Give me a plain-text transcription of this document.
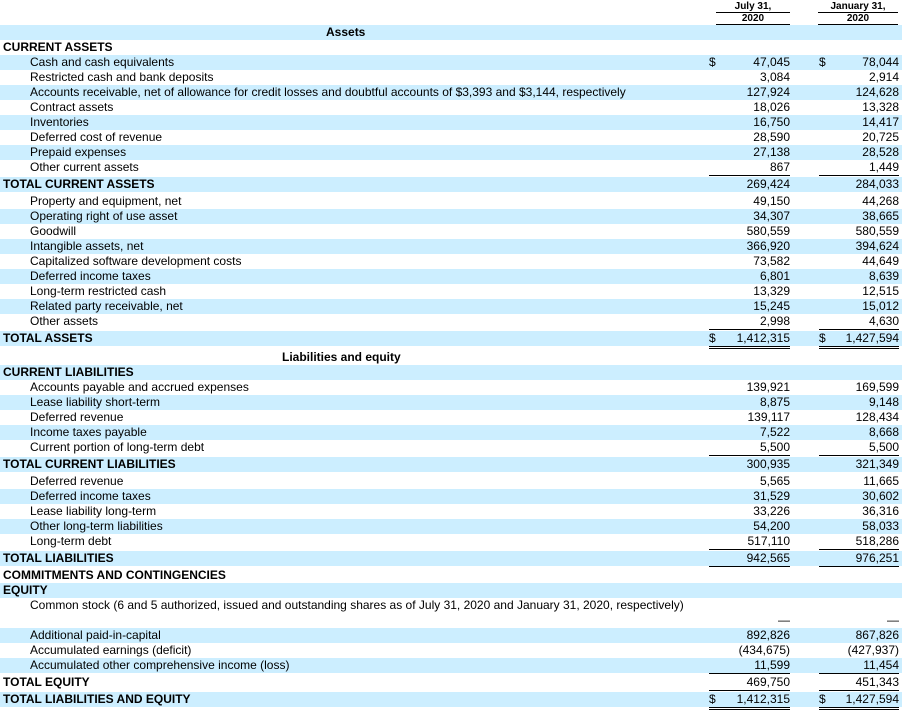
July 31,
2020
January 31,
2020
Assets
CURRENT ASSETS
Cash and cash equivalents	$	47,045 $	78,044
Restricted cash and bank deposits	3,084	2,914
Accounts receivable, net of allowance for credit losses and doubtful accounts of $3,393 and $3,144, respectively	127,924	124,628
Contract assets	18,026	13,328
Inventories	16,750	14,417
Deferred cost of revenue	28,590	20,725
Prepaid expenses	27,138	28,528
Other current assets	867	1,449
TOTAL CURRENT ASSETS	269,424	284,033
Property and equipment, net	49,150	44,268
Operating right of use asset	34,307	38,665
Goodwill	580,559	580,559
Intangible assets, net	366,920	394,624
Capitalized software development costs	73,582	44,649
Deferred income taxes	6,801	8,639
Long-term restricted cash	13,329	12,515
Related party receivable, net	15,245	15,012
Other assets	2,998	4,630
TOTAL ASSETS	$	1,412,315 $	1,427,594
Liabilities and equity
CURRENT LIABILITIES
Accounts payable and accrued expenses	139,921	169,599
Lease liability short-term	8,875	9,148
Deferred revenue	139,117	128,434
Income taxes payable	7,522	8,668
Current portion of long-term debt	5,500	5,500
TOTAL CURRENT LIABILITIES	300,935	321,349
Deferred revenue	5,565	11,665
Deferred income taxes	31,529	30,602
Lease liability long-term	33,226	36,316
Other long-term liabilities	54,200	58,033
Long-term debt	517,110	518,286
TOTAL LIABILITIES	942,565	976,251
COMMITMENTS AND CONTINGENCIES
EQUITY
Common stock (6 and 5 authorized, issued and outstanding shares as of July 31, 2020 and January 31, 2020, respectively)
—	—
Additional paid-in-capital	892,826	867,826
Accumulated earnings (deficit)	(434,675)	(427,937)
Accumulated other comprehensive income (loss)	11,599	11,454
TOTAL EQUITY	469,750	451,343
TOTAL LIABILITIES AND EQUITY	$	1,412,315 $	1,427,594
